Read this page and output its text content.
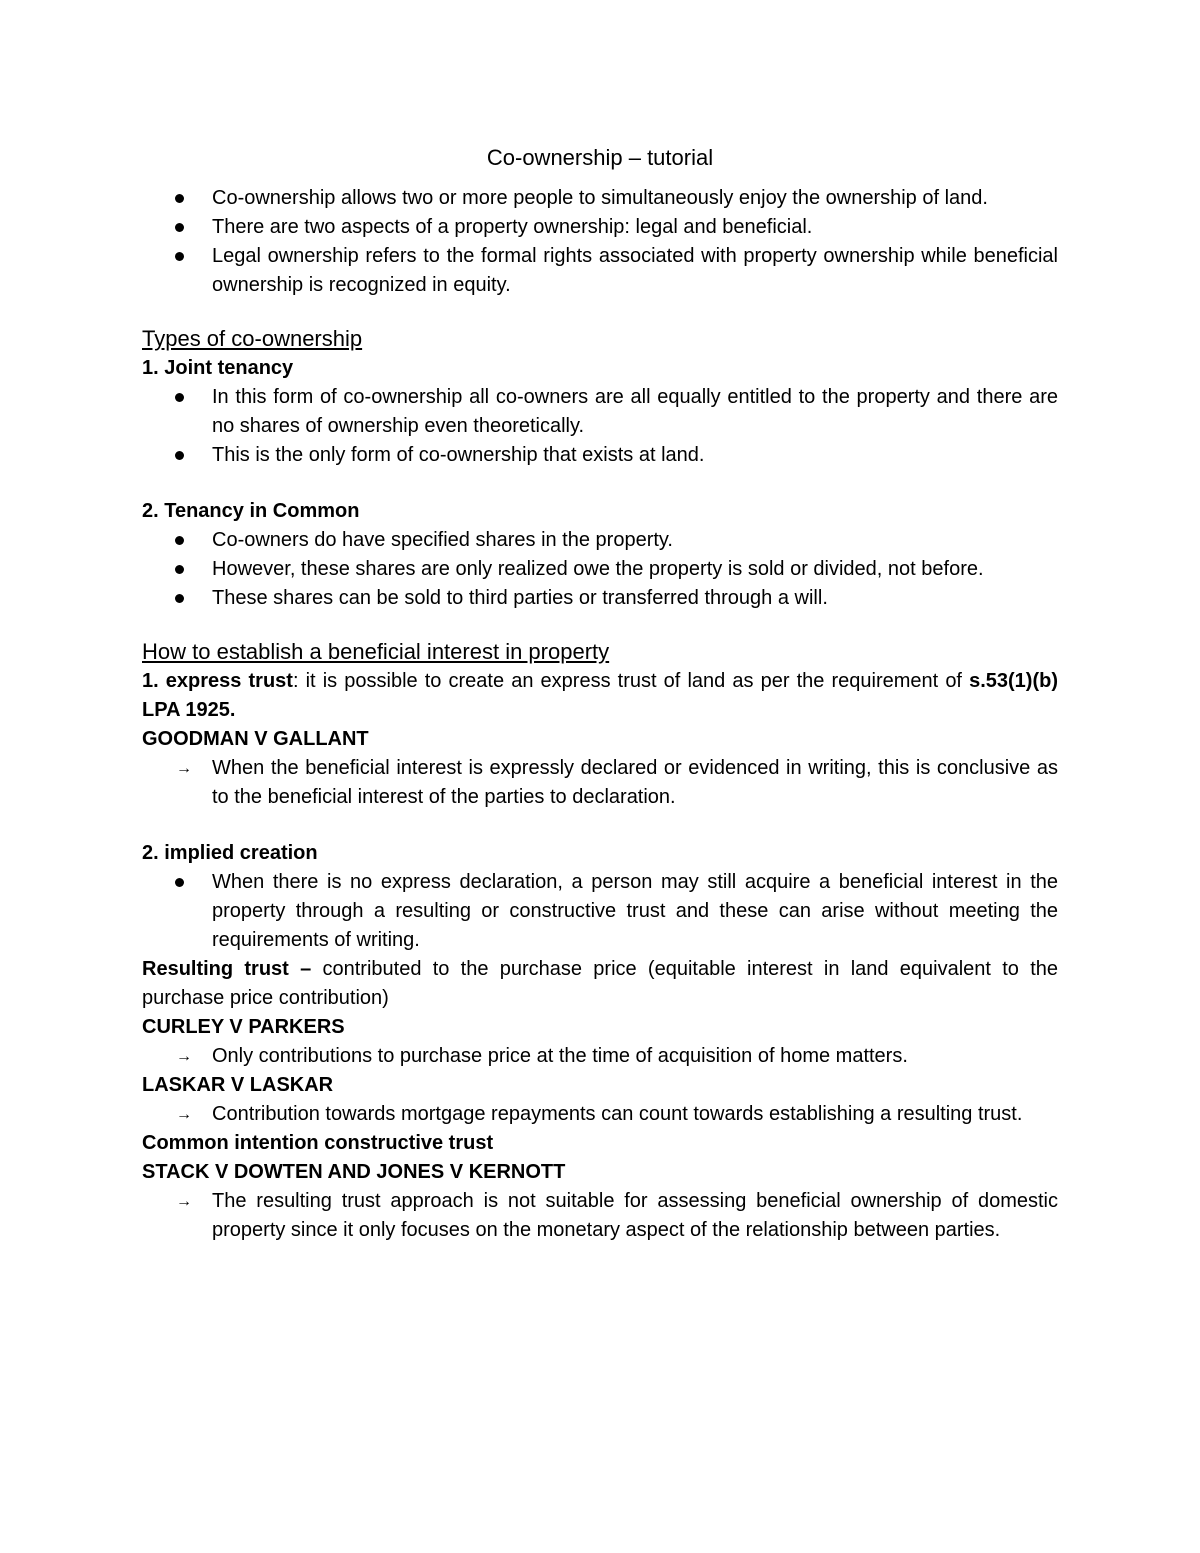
Co-ownership – tutorial
Co-ownership allows two or more people to simultaneously enjoy the ownership of land.
There are two aspects of a property ownership: legal and beneficial.
Legal ownership refers to the formal rights associated with property ownership while beneficial ownership is recognized in equity.
Types of co-ownership

1. Joint tenancy

In this form of co-ownership all co-owners are all equally entitled to the property and there are no shares of ownership even theoretically.
This is the only form of co-ownership that exists at land.

2. Tenancy in Common

Co-owners do have specified shares in the property.
However, these shares are only realized owe the property is sold or divided, not before.
These shares can be sold to third parties or transferred through a will.
How to establish a beneficial interest in property

1. express trust: it is possible to create an express trust of land as per the requirement of s.53(1)(b) LPA 1925.

GOODMAN V GALLANT

→ When the beneficial interest is expressly declared or evidenced in writing, this is conclusive as to the beneficial interest of the parties to declaration.

2. implied creation

When there is no express declaration, a person may still acquire a beneficial interest in the property through a resulting or constructive trust and these can arise without meeting the requirements of writing.

Resulting trust – contributed to the purchase price (equitable interest in land equivalent to the purchase price contribution)

CURLEY V PARKERS

→ Only contributions to purchase price at the time of acquisition of home matters.

LASKAR V LASKAR

→ Contribution towards mortgage repayments can count towards establishing a resulting trust.

Common intention constructive trust

STACK V DOWTEN AND JONES V KERNOTT

→ The resulting trust approach is not suitable for assessing beneficial ownership of domestic property since it only focuses on the monetary aspect of the relationship between parties.
